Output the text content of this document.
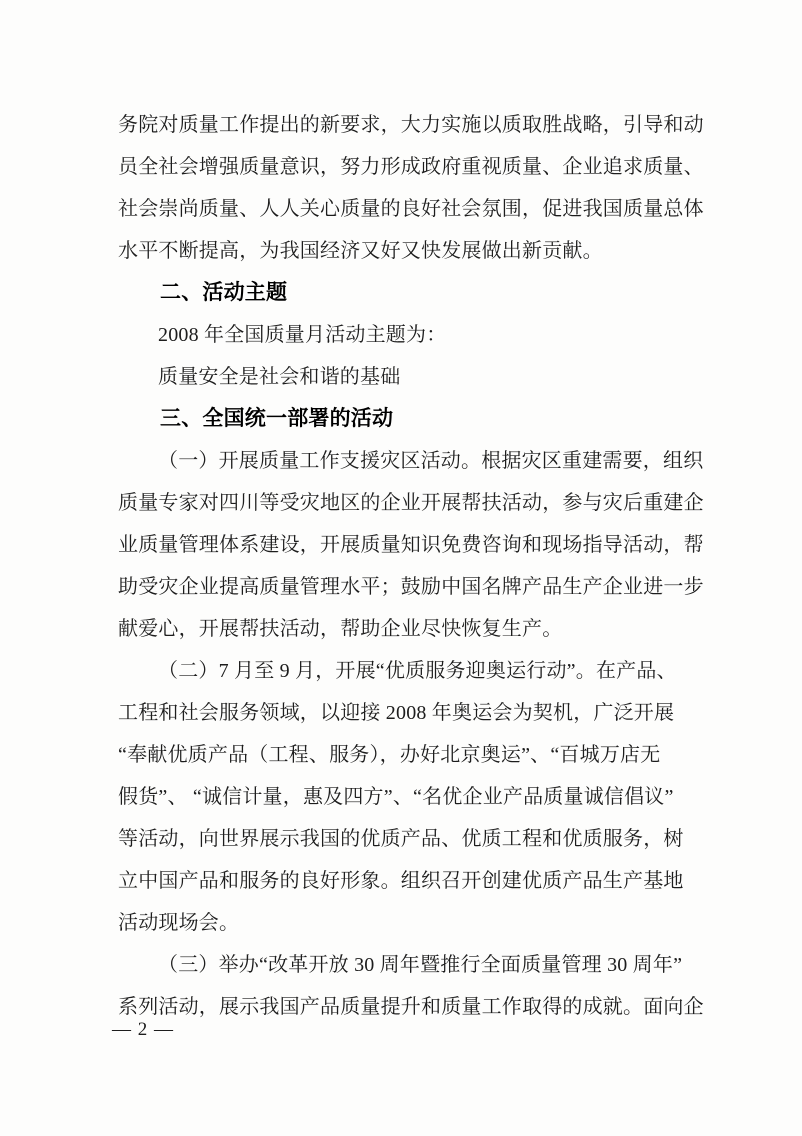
务院对质量工作提出的新要求，大力实施以质取胜战略，引导和动
员全社会增强质量意识，努力形成政府重视质量、企业追求质量、
社会崇尚质量、人人关心质量的良好社会氛围，促进我国质量总体
水平不断提高，为我国经济又好又快发展做出新贡献。
二、活动主题
2008 年全国质量月活动主题为：
质量安全是社会和谐的基础
三、全国统一部署的活动
（一）开展质量工作支援灾区活动。根据灾区重建需要，组织
质量专家对四川等受灾地区的企业开展帮扶活动，参与灾后重建企
业质量管理体系建设，开展质量知识免费咨询和现场指导活动，帮
助受灾企业提高质量管理水平；鼓励中国名牌产品生产企业进一步
献爱心，开展帮扶活动，帮助企业尽快恢复生产。
（二）7 月至 9 月，开展“优质服务迎奥运行动”。在产品、
工程和社会服务领域，以迎接 2008 年奥运会为契机，广泛开展
“奉献优质产品（工程、服务），办好北京奥运”、“百城万店无
假货”、 “诚信计量，惠及四方”、“名优企业产品质量诚信倡议”
等活动，向世界展示我国的优质产品、优质工程和优质服务，树
立中国产品和服务的良好形象。组织召开创建优质产品生产基地
活动现场会。
（三）举办“改革开放 30 周年暨推行全面质量管理 30 周年”
系列活动，展示我国产品质量提升和质量工作取得的成就。面向企
— 2 —
